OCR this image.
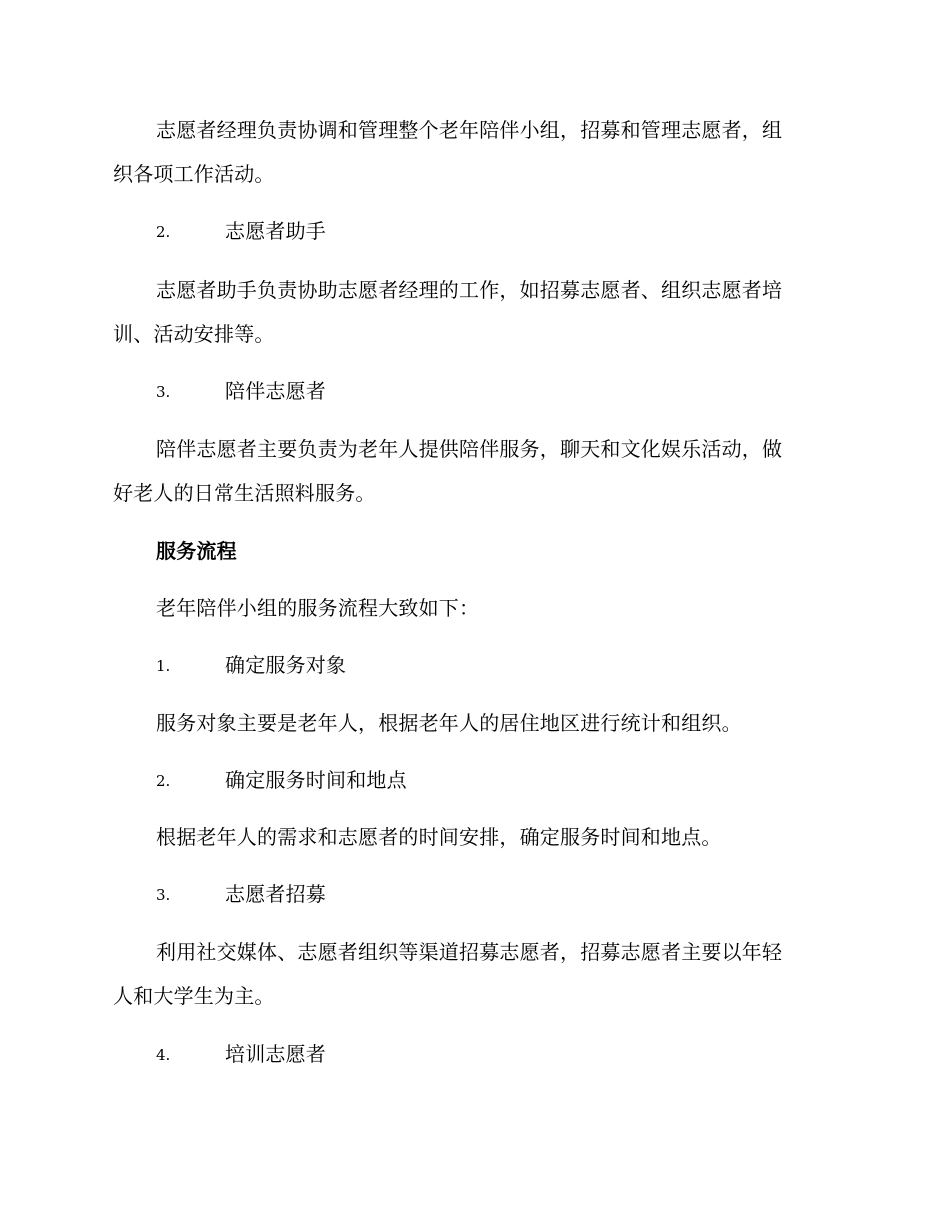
志愿者经理负责协调和管理整个老年陪伴小组，招募和管理志愿者，组
织各项工作活动。
2.	志愿者助手
志愿者助手负责协助志愿者经理的工作，如招募志愿者、组织志愿者培
训、活动安排等。
3.	陪伴志愿者
陪伴志愿者主要负责为老年人提供陪伴服务，聊天和文化娱乐活动，做
好老人的日常生活照料服务。
服务流程
老年陪伴小组的服务流程大致如下：
1.	确定服务对象
服务对象主要是老年人，根据老年人的居住地区进行统计和组织。
2.	确定服务时间和地点
根据老年人的需求和志愿者的时间安排，确定服务时间和地点。
3.	志愿者招募
利用社交媒体、志愿者组织等渠道招募志愿者，招募志愿者主要以年轻
人和大学生为主。
4.	培训志愿者
